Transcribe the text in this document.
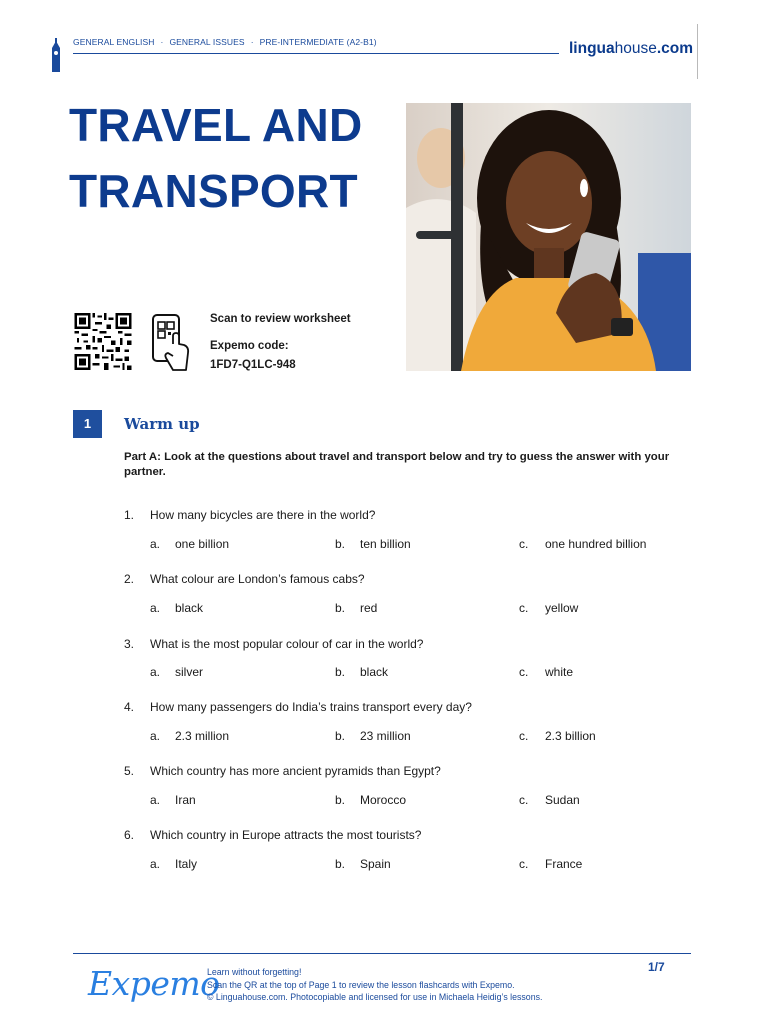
GENERAL ENGLISH · GENERAL ISSUES · PRE-INTERMEDIATE (A2-B1)	linguahouse.com
TRAVEL AND
TRANSPORT
Scan to review worksheet
Expemo code:
1FD7-Q1LC-948
1	Warm up
Part A: Look at the questions about travel and transport below and try to guess the answer with your partner.
1. How many bicycles are there in the world?
a. one billion	b. ten billion	c. one hundred billion
2. What colour are London’s famous cabs?
a. black	b. red	c. yellow
3. What is the most popular colour of car in the world?
a. silver	b. black	c. white
4. How many passengers do India’s trains transport every day?
a. 2.3 million	b. 23 million	c. 2.3 billion
5. Which country has more ancient pyramids than Egypt?
a. Iran	b. Morocco	c. Sudan
6. Which country in Europe attracts the most tourists?
a. Italy	b. Spain	c. France
Expemo
Learn without forgetting!
Scan the QR at the top of Page 1 to review the lesson flashcards with Expemo.
© Linguahouse.com. Photocopiable and licensed for use in Michaela Heidig’s lessons.
1/7
